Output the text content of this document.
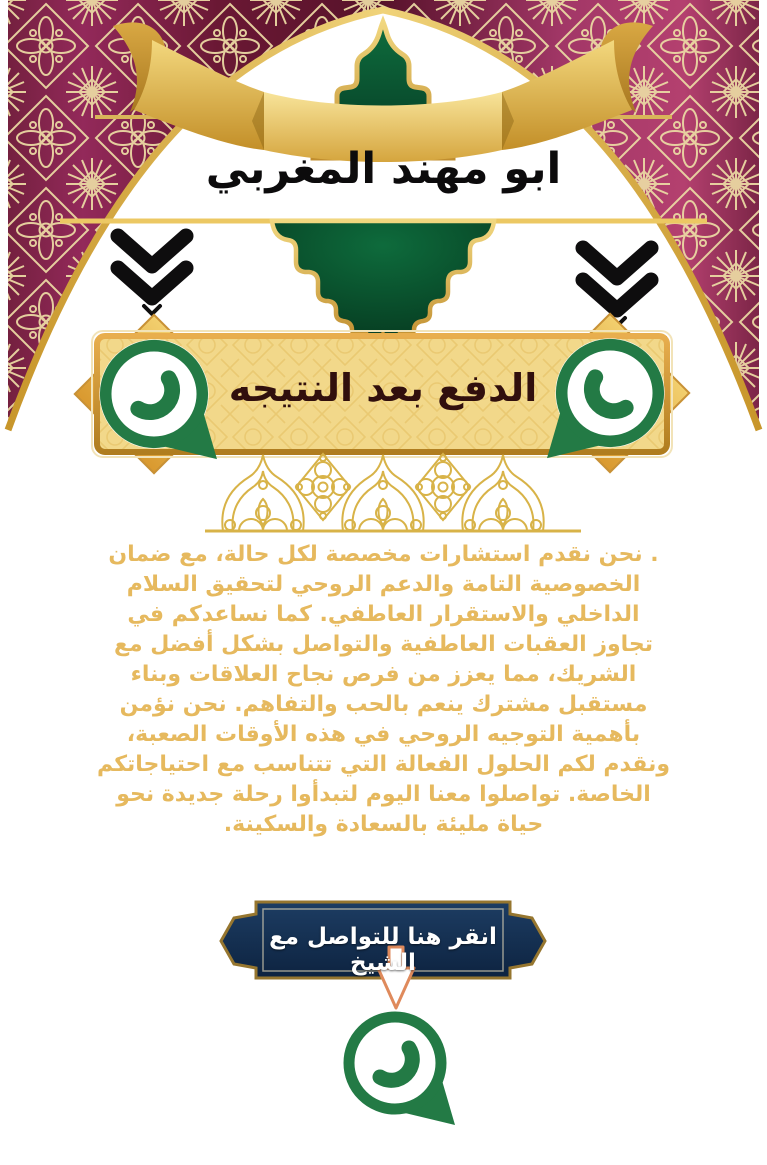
ابو مهند المغربي
الدفع بعد النتيجه
. نحن نقدم استشارات مخصصة لكل حالة، مع ضمان الخصوصية التامة والدعم الروحي لتحقيق السلام الداخلي والاستقرار العاطفي. كما نساعدكم في تجاوز العقبات العاطفية والتواصل بشكل أفضل مع الشريك، مما يعزز من فرص نجاح العلاقات وبناء مستقبل مشترك ينعم بالحب والتفاهم. نحن نؤمن بأهمية التوجيه الروحي في هذه الأوقات الصعبة، ونقدم لكم الحلول الفعالة التي تتناسب مع احتياجاتكم الخاصة. تواصلوا معنا اليوم لتبدأوا رحلة جديدة نحو حياة مليئة بالسعادة والسكينة.
انقر هنا للتواصل مع الشيخ
